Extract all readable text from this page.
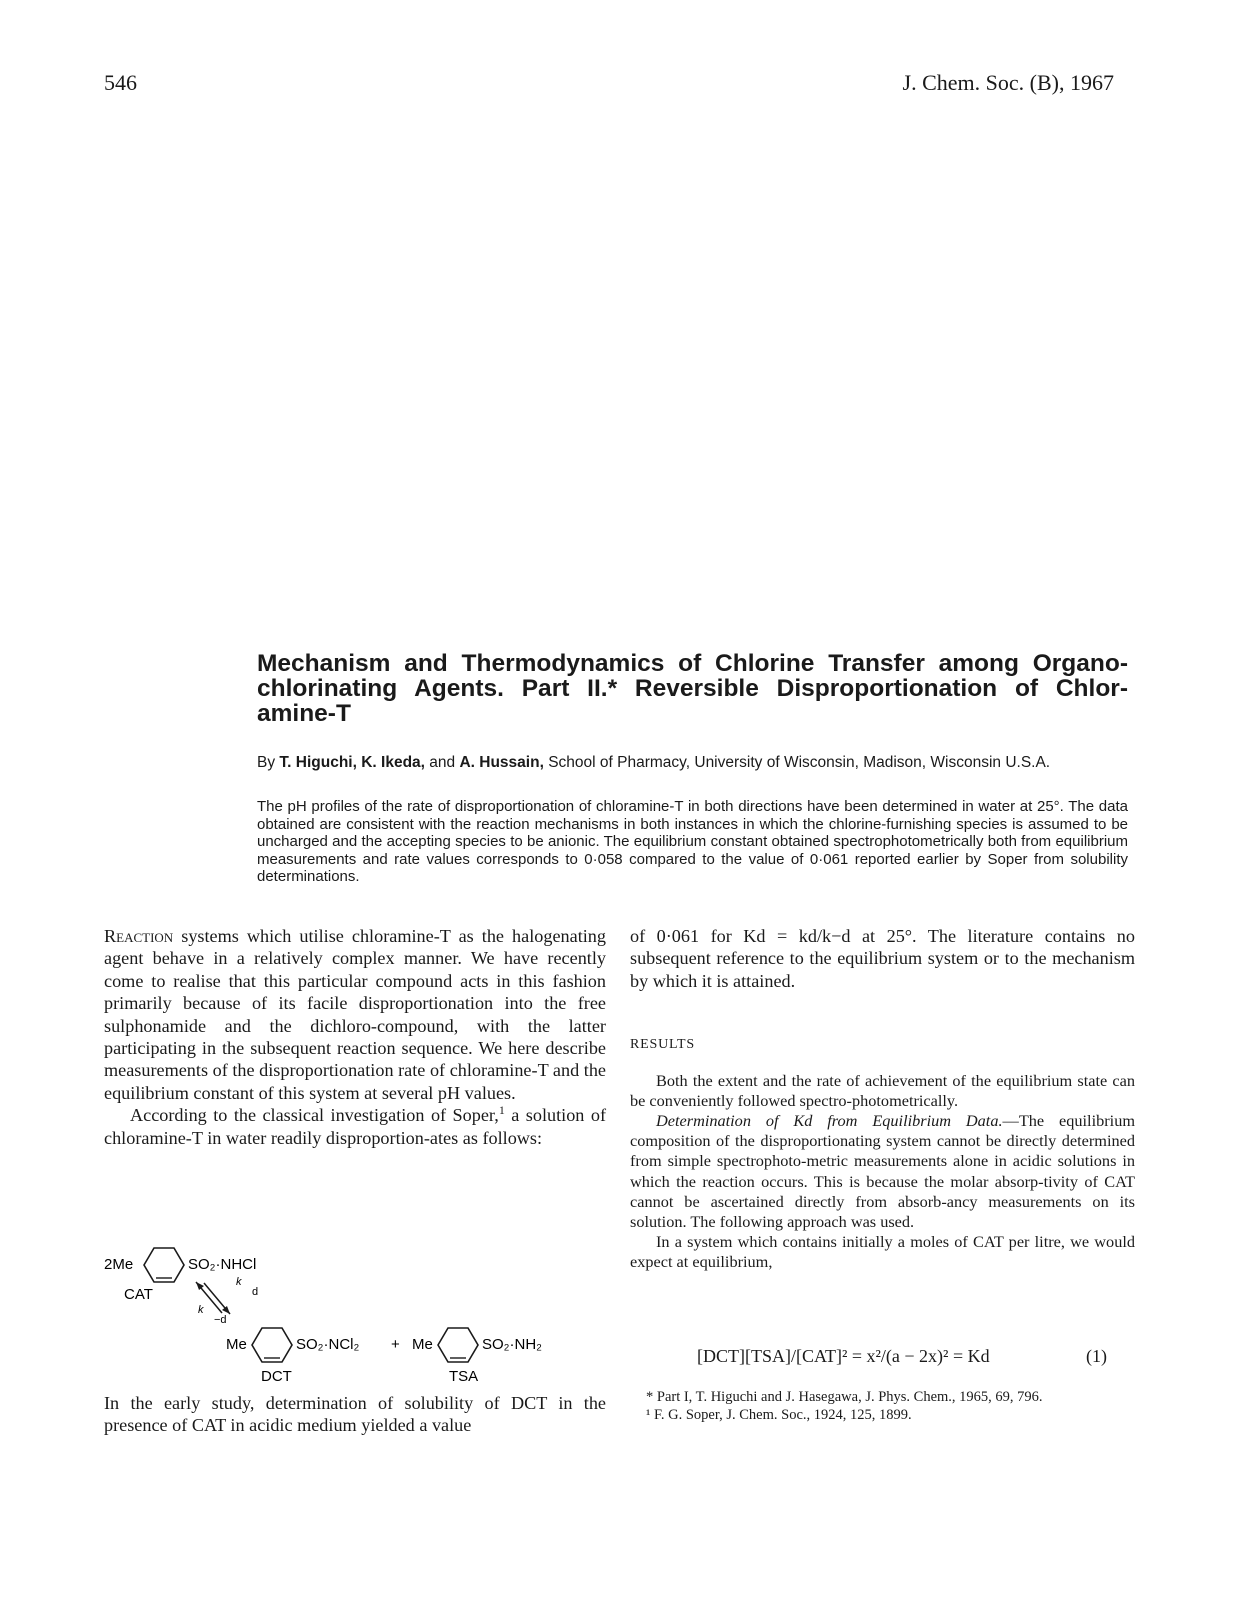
546	J. Chem. Soc. (B), 1967
Mechanism and Thermodynamics of Chlorine Transfer among Organo-chlorinating Agents. Part II.* Reversible Disproportionation of Chlor-amine-T
By T. Higuchi, K. Ikeda, and A. Hussain, School of Pharmacy, University of Wisconsin, Madison, Wisconsin U.S.A.
The pH profiles of the rate of disproportionation of chloramine-T in both directions have been determined in water at 25°. The data obtained are consistent with the reaction mechanisms in both instances in which the chlorine-furnishing species is assumed to be uncharged and the accepting species to be anionic. The equilibrium constant obtained spectrophotometrically both from equilibrium measurements and rate values corresponds to 0·058 compared to the value of 0·061 reported earlier by Soper from solubility determinations.

Reaction systems which utilise chloramine-T as the halogenating agent behave in a relatively complex manner. We have recently come to realise that this particular compound acts in this fashion primarily because of its facile disproportionation into the free sulphonamide and the dichloro-compound, with the latter participating in the subsequent reaction sequence. We here describe measurements of the disproportionation rate of chloramine-T and the equilibrium constant of this system at several pH values.

According to the classical investigation of Soper,$^1$ a solution of chloramine-T in water readily disproportion-ates as follows:

2Me	SO₂·NHCl
CAT
k
d
k
−d
Me	SO₂·NCl₂ + Me	SO₂·NH₂
DCT	TSA

In the early study, determination of solubility of DCT in the presence of CAT in acidic medium yielded a value

of 0·061 for Kd = kd/k−d at 25°. The literature contains no subsequent reference to the equilibrium system or to the mechanism by which it is attained.

RESULTS

Both the extent and the rate of achievement of the equilibrium state can be conveniently followed spectro-photometrically.

Determination of Kd from Equilibrium Data.—The equilibrium composition of the disproportionating system cannot be directly determined from simple spectrophoto-metric measurements alone in acidic solutions in which the reaction occurs. This is because the molar absorp-tivity of CAT cannot be ascertained directly from absorb-ancy measurements on its solution. The following approach was used.

In a system which contains initially a moles of CAT per litre, we would expect at equilibrium,

[DCT][TSA]/[CAT]² = x²/(a − 2x)² = Kd	(1)

* Part I, T. Higuchi and J. Hasegawa, J. Phys. Chem., 1965, 69, 796.

¹ F. G. Soper, J. Chem. Soc., 1924, 125, 1899.
